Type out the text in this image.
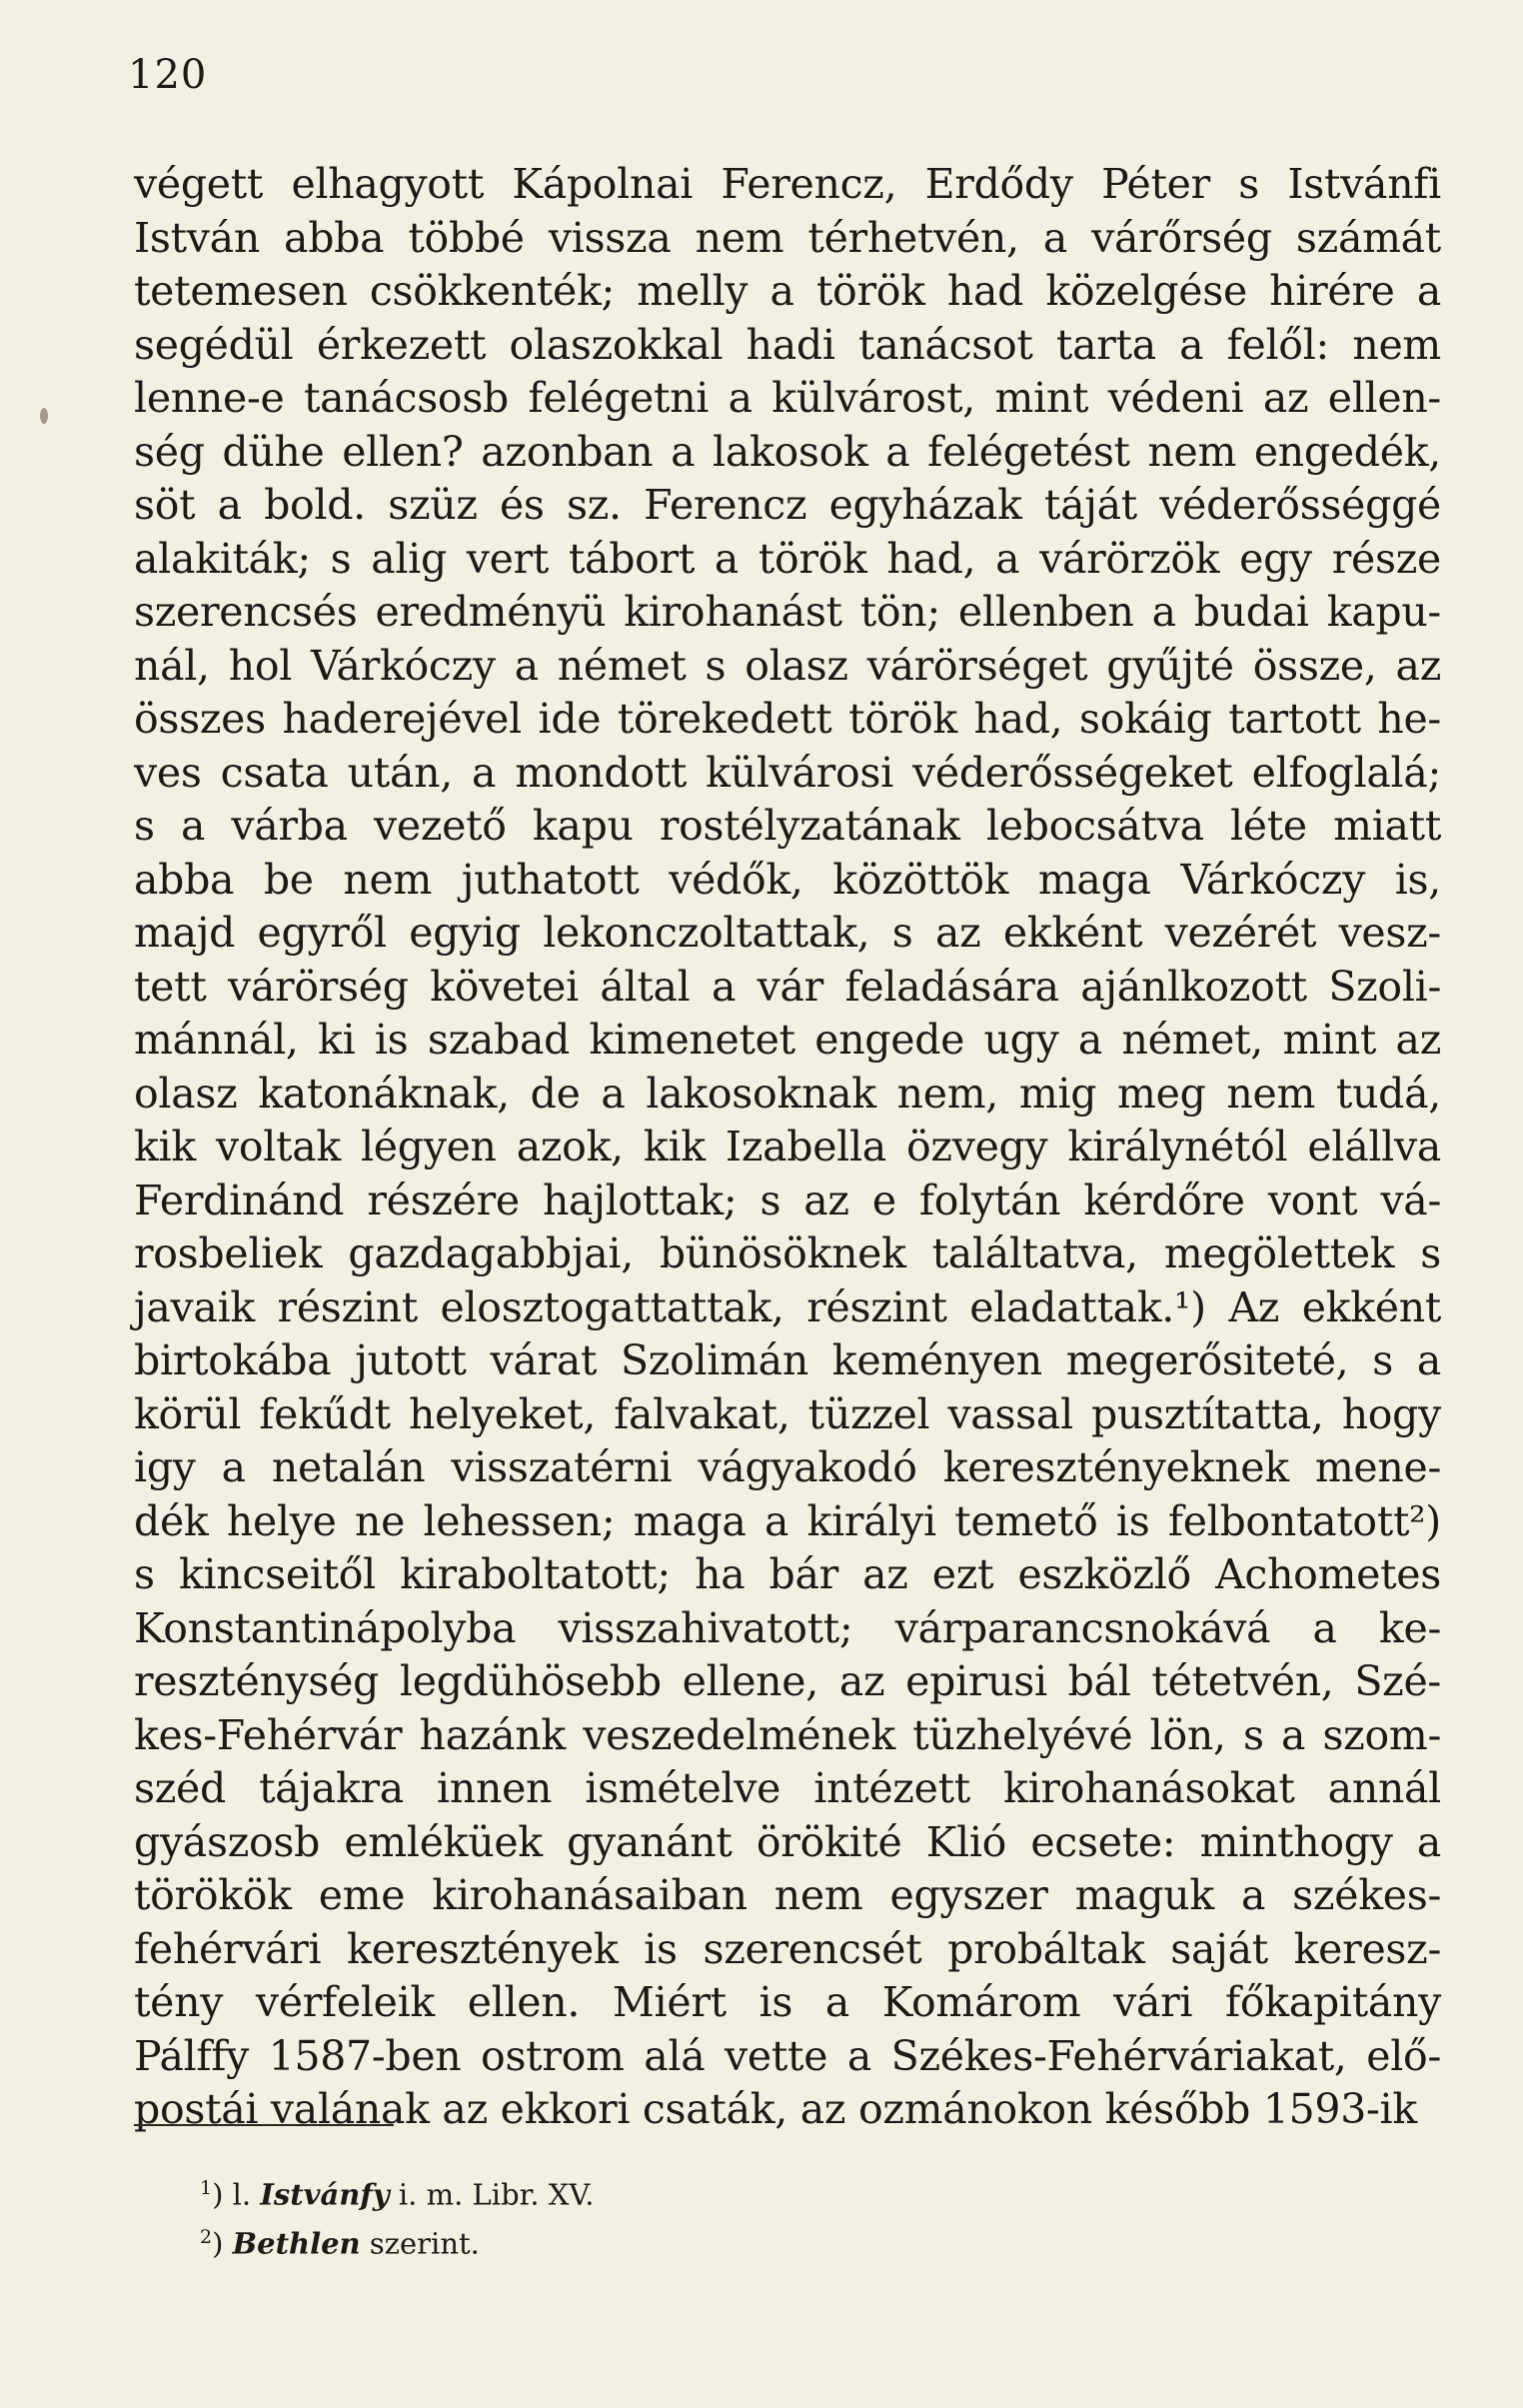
120
végett elhagyott Kápolnai Ferencz, Erdődy Péter s Istvánfi
István abba többé vissza nem térhetvén, a várőrség számát
tetemesen csökkenték; melly a török had közelgése hirére a
segédül érkezett olaszokkal hadi tanácsot tarta a felől: nem
lenne-e tanácsosb felégetni a külvárost, mint védeni az ellen-
ség dühe ellen? azonban a lakosok a felégetést nem engedék,
söt a bold. szüz és sz. Ferencz egyházak táját véderősséggé
alakiták; s alig vert tábort a török had, a várörzök egy része
szerencsés eredményü kirohanást tön; ellenben a budai kapu-
nál, hol Várkóczy a német s olasz várörséget gyűjté össze, az
összes haderejével ide törekedett török had, sokáig tartott he-
ves csata után, a mondott külvárosi véderősségeket elfoglalá;
s a várba vezető kapu rostélyzatának lebocsátva léte miatt
abba be nem juthatott védők, közöttök maga Várkóczy is,
majd egyről egyig lekonczoltattak, s az ekként vezérét vesz-
tett várörség követei által a vár feladására ajánlkozott Szoli-
mánnál, ki is szabad kimenetet engede ugy a német, mint az
olasz katonáknak, de a lakosoknak nem, mig meg nem tudá,
kik voltak légyen azok, kik Izabella özvegy királynétól elállva
Ferdinánd részére hajlottak; s az e folytán kérdőre vont vá-
rosbeliek gazdagabbjai, bünösöknek találtatva, megölettek s
javaik részint elosztogattattak, részint eladattak.¹) Az ekként
birtokába jutott várat Szolimán keményen megerősiteté, s a
körül fekűdt helyeket, falvakat, tüzzel vassal pusztítatta, hogy
igy a netalán visszatérni vágyakodó keresztényeknek mene-
dék helye ne lehessen; maga a királyi temető is felbontatott²)
s kincseitől kiraboltatott; ha bár az ezt eszközlő Achometes
Konstantinápolyba visszahivatott; várparancsnokává a ke-
reszténység legdühösebb ellene, az epirusi bál tétetvén, Szé-
kes-Fehérvár hazánk veszedelmének tüzhelyévé lön, s a szom-
széd tájakra innen ismételve intézett kirohanásokat annál
gyászosb emléküek gyanánt örökité Klió ecsete: minthogy a
törökök eme kirohanásaiban nem egyszer maguk a székes-
fehérvári keresztények is szerencsét probáltak saját keresz-
tény vérfeleik ellen. Miért is a Komárom vári főkapitány
Pálffy 1587-ben ostrom alá vette a Székes-Fehérváriakat, elő-
postái valának az ekkori csaták, az ozmánokon később 1593-ik
$^1$) l. Istvánfy i. m. Libr. XV.
$^2$) Bethlen szerint.
